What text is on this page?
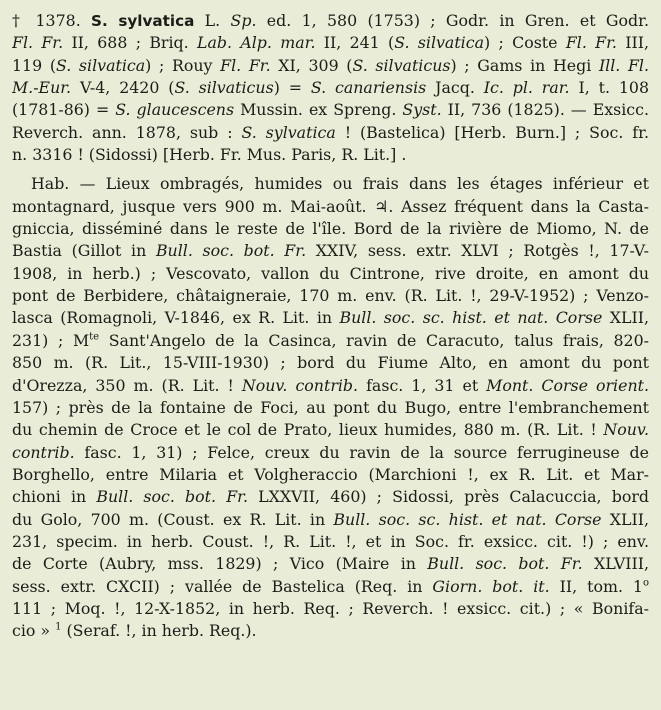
† 1378. S. sylvatica L. Sp. ed. 1, 580 (1753) ; Godr. in Gren. et Godr.
Fl. Fr. II, 688 ; Briq. Lab. Alp. mar. II, 241 (S. silvatica) ; Coste Fl. Fr. III,
119 (S. silvatica) ; Rouy Fl. Fr. XI, 309 (S. silvaticus) ; Gams in Hegi Ill. Fl.
M.-Eur. V-4, 2420 (S. silvaticus) = S. canariensis Jacq. Ic. pl. rar. I, t. 108
(1781-86) = S. glaucescens Mussin. ex Spreng. Syst. II, 736 (1825). — Exsicc.
Reverch. ann. 1878, sub : S. sylvatica ! (Bastelica) [Herb. Burn.] ; Soc. fr.
n. 3316 ! (Sidossi) [Herb. Fr. Mus. Paris, R. Lit.] .
Hab. — Lieux ombragés, humides ou frais dans les étages inférieur et
montagnard, jusque vers 900 m. Mai-août. ♃. Assez fréquent dans la Casta-
gniccia, disséminé dans le reste de l'île. Bord de la rivière de Miomo, N. de
Bastia (Gillot in Bull. soc. bot. Fr. XXIV, sess. extr. XLVI ; Rotgès !, 17-V-
1908, in herb.) ; Vescovato, vallon du Cintrone, rive droite, en amont du
pont de Berbidere, châtaigneraie, 170 m. env. (R. Lit. !, 29-V-1952) ; Venzo-
lasca (Romagnoli, V-1846, ex R. Lit. in Bull. soc. sc. hist. et nat. Corse XLII,
231) ; $M^{te}$ Sant'Angelo de la Casinca, ravin de Caracuto, talus frais, 820-
850 m. (R. Lit., 15-VIII-1930) ; bord du Fiume Alto, en amont du pont
d'Orezza, 350 m. (R. Lit. ! Nouv. contrib. fasc. 1, 31 et Mont. Corse orient.
157) ; près de la fontaine de Foci, au pont du Bugo, entre l'embranchement
du chemin de Croce et le col de Prato, lieux humides, 880 m. (R. Lit. ! Nouv.
contrib. fasc. 1, 31) ; Felce, creux du ravin de la source ferrugineuse de
Borghello, entre Milaria et Volgheraccio (Marchioni !, ex R. Lit. et Mar-
chioni in Bull. soc. bot. Fr. LXXVII, 460) ; Sidossi, près Calacuccia, bord
du Golo, 700 m. (Coust. ex R. Lit. in Bull. soc. sc. hist. et nat. Corse XLII,
231, specim. in herb. Coust. !, R. Lit. !, et in Soc. fr. exsicc. cit. !) ; env.
de Corte (Aubry, mss. 1829) ; Vico (Maire in Bull. soc. bot. Fr. XLVIII,
sess. extr. CXCII) ; vallée de Bastelica (Req. in Giorn. bot. it. II, tom. 1$^o$
111 ; Moq. !, 12-X-1852, in herb. Req. ; Reverch. ! exsicc. cit.) ; « Bonifa-
cio » $^1$ (Seraf. !, in herb. Req.).
